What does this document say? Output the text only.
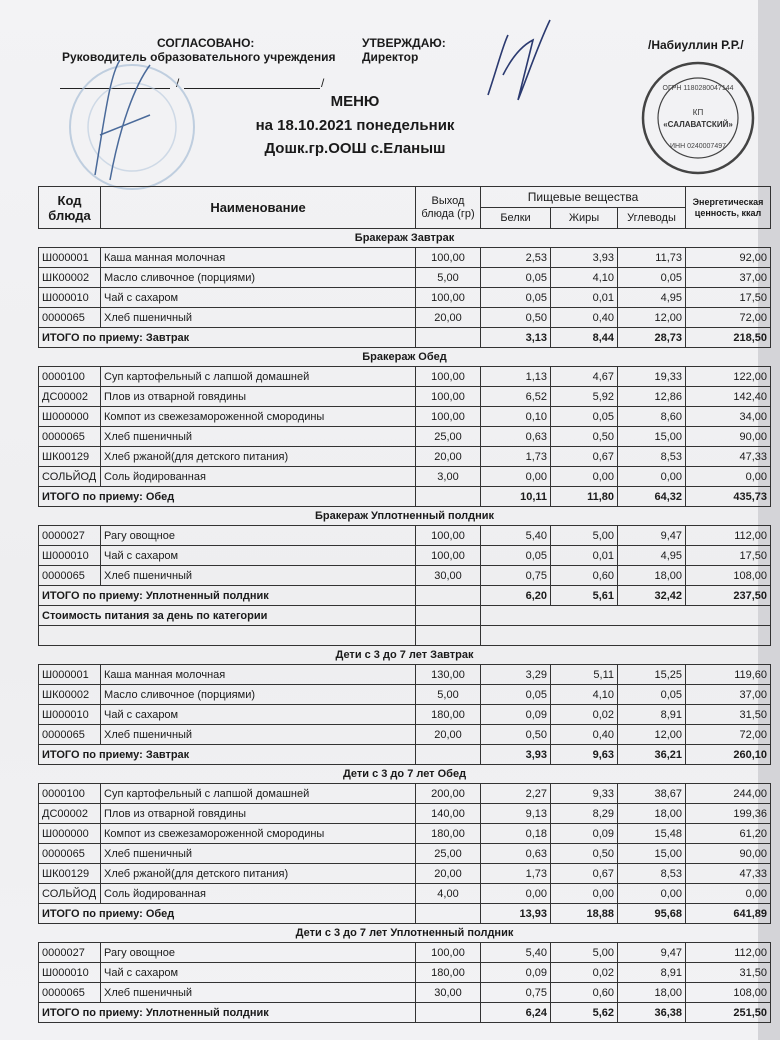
СОГЛАСОВАНО:
Руководитель образовательного учреждения
/	/
УТВЕРЖДАЮ:
Директор
/Набиуллин Р.Р./
ОГРН 1180280047144
КП
«САЛАВАТСКИЙ»
ИНН 0240007497
МЕНЮ
на 18.10.2021 понедельник
Дошк.гр.ООШ с.Еланыш
Код блюда	Наименование	Выход блюда (гр)	Пищевые вещества			Энергетическая ценность, ккал
			Белки	Жиры	Углеводы	
Бракераж Завтрак						
Ш000001	Каша манная молочная	100,00	2,53	3,93	11,73	92,00
ШК00002	Масло сливочное (порциями)	5,00	0,05	4,10	0,05	37,00
Ш000010	Чай с сахаром	100,00	0,05	0,01	4,95	17,50
0000065	Хлеб пшеничный	20,00	0,50	0,40	12,00	72,00
ИТОГО по приему: Завтрак			3,13	8,44	28,73	218,50
Бракераж Обед						
0000100	Суп картофельный с лапшой домашней	100,00	1,13	4,67	19,33	122,00
ДС00002	Плов из отварной говядины	100,00	6,52	5,92	12,86	142,40
Ш000000	Компот из свежезамороженной смородины	100,00	0,10	0,05	8,60	34,00
0000065	Хлеб пшеничный	25,00	0,63	0,50	15,00	90,00
ШК00129	Хлеб ржаной(для детского питания)	20,00	1,73	0,67	8,53	47,33
СОЛЬЙОД	Соль йодированная	3,00	0,00	0,00	0,00	0,00
ИТОГО по приему: Обед			10,11	11,80	64,32	435,73
Бракераж Уплотненный полдник						
0000027	Рагу овощное	100,00	5,40	5,00	9,47	112,00
Ш000010	Чай с сахаром	100,00	0,05	0,01	4,95	17,50
0000065	Хлеб пшеничный	30,00	0,75	0,60	18,00	108,00
ИТОГО по приему: Уплотненный полдник			6,20	5,61	32,42	237,50
Стоимость питания за день по категории						

Дети с 3 до 7 лет Завтрак						
Ш000001	Каша манная молочная	130,00	3,29	5,11	15,25	119,60
ШК00002	Масло сливочное (порциями)	5,00	0,05	4,10	0,05	37,00
Ш000010	Чай с сахаром	180,00	0,09	0,02	8,91	31,50
0000065	Хлеб пшеничный	20,00	0,50	0,40	12,00	72,00
ИТОГО по приему: Завтрак			3,93	9,63	36,21	260,10
Дети с 3 до 7 лет Обед						
0000100	Суп картофельный с лапшой домашней	200,00	2,27	9,33	38,67	244,00
ДС00002	Плов из отварной говядины	140,00	9,13	8,29	18,00	199,36
Ш000000	Компот из свежезамороженной смородины	180,00	0,18	0,09	15,48	61,20
0000065	Хлеб пшеничный	25,00	0,63	0,50	15,00	90,00
ШК00129	Хлеб ржаной(для детского питания)	20,00	1,73	0,67	8,53	47,33
СОЛЬЙОД	Соль йодированная	4,00	0,00	0,00	0,00	0,00
ИТОГО по приему: Обед			13,93	18,88	95,68	641,89
Дети с 3 до 7 лет Уплотненный полдник						
0000027	Рагу овощное	100,00	5,40	5,00	9,47	112,00
Ш000010	Чай с сахаром	180,00	0,09	0,02	8,91	31,50
0000065	Хлеб пшеничный	30,00	0,75	0,60	18,00	108,00
ИТОГО по приему: Уплотненный полдник			6,24	5,62	36,38	251,50
